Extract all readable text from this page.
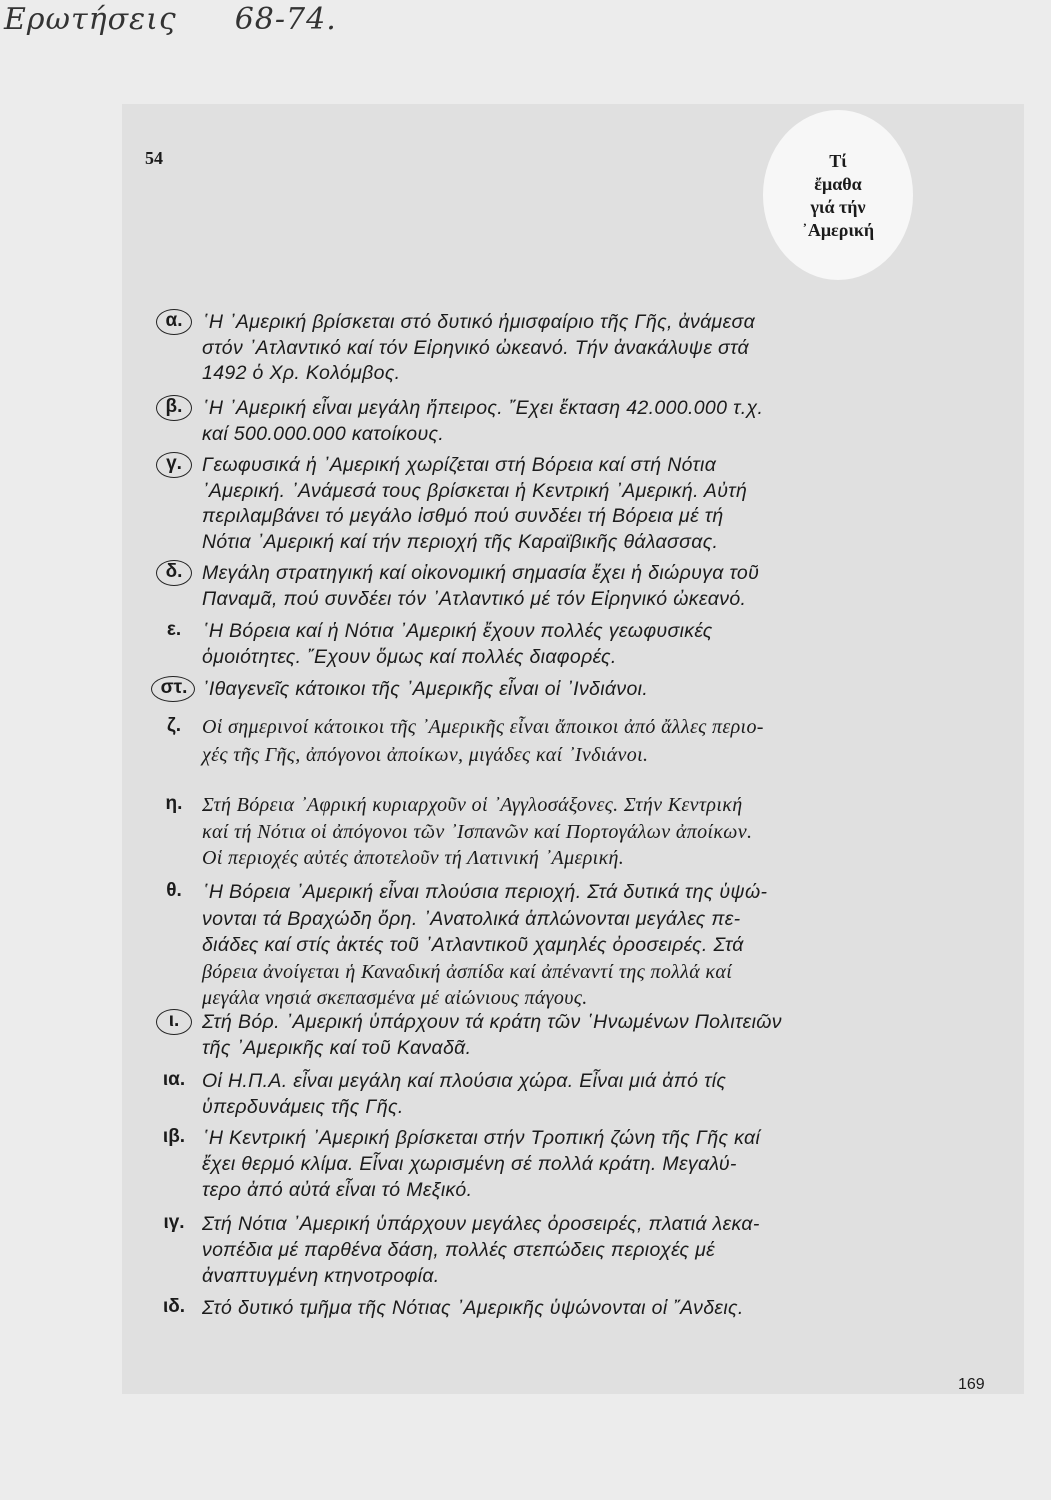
Ερωτήσεις 68-74.
54	Τί
ἔμαθα
γιά τήν
᾽Αμερική
α.	῾Η ᾽Αμερική βρίσκεται στό δυτικό ἡμισφαίριο τῆς Γῆς, ἀνάμεσα
στόν ᾽Ατλαντικό καί τόν Εἰρηνικό ὠκεανό. Τήν ἀνακάλυψε στά
1492 ὁ Χρ. Κολόμβος.
β.	῾Η ᾽Αμερική εἶναι μεγάλη ἤπειρος. ῎Εχει ἔκταση 42.000.000 τ.χ.
καί 500.000.000 κατοίκους.
γ.	Γεωφυσικά ἡ ᾽Αμερική χωρίζεται στή Βόρεια καί στή Νότια
᾽Αμερική. ᾽Ανάμεσά τους βρίσκεται ἡ Κεντρική ᾽Αμερική. Αὐτή
περιλαμβάνει τό μεγάλο ἰσθμό πού συνδέει τή Βόρεια μέ τή
Νότια ᾽Αμερική καί τήν περιοχή τῆς Καραϊβικῆς θάλασσας.
δ.	Μεγάλη στρατηγική καί οἰκονομική σημασία ἔχει ἡ διώρυγα τοῦ
Παναμᾶ, πού συνδέει τόν ᾽Ατλαντικό μέ τόν Εἰρηνικό ὠκεανό.
ε.	῾Η Βόρεια καί ἡ Νότια ᾽Αμερική ἔχουν πολλές γεωφυσικές
ὁμοιότητες. ῎Εχουν ὅμως καί πολλές διαφορές.
στ. ᾽Ιθαγενεῖς κάτοικοι τῆς ᾽Αμερικῆς εἶναι οἱ ᾽Ινδιάνοι.
ζ.	Οἱ σημερινοί κάτοικοι τῆς ᾽Αμερικῆς εἶναι ἄποικοι ἀπό ἄλλες περιο-
χές τῆς Γῆς, ἀπόγονοι ἀποίκων, μιγάδες καί ᾽Ινδιάνοι.
η. Στή Βόρεια ᾽Αφρική κυριαρχοῦν οἱ ᾽Αγγλοσάξονες. Στήν Κεντρική
καί τή Νότια οἱ ἀπόγονοι τῶν ᾽Ισπανῶν καί Πορτογάλων ἀποίκων.
Οἱ περιοχές αὐτές ἀποτελοῦν τή Λατινική ᾽Αμερική.
θ.	῾Η Βόρεια ᾽Αμερική εἶναι πλούσια περιοχή. Στά δυτικά της ὑψώ-
νονται τά Βραχώδη ὄρη. ᾽Ανατολικά ἁπλώνονται μεγάλες πε-
διάδες καί στίς ἀκτές τοῦ ᾽Ατλαντικοῦ χαμηλές ὀροσειρές. Στά
βόρεια ἀνοίγεται ἡ Καναδική ἀσπίδα καί ἀπέναντί της πολλά καί
μεγάλα νησιά σκεπασμένα μέ αἰώνιους πάγους.
ι.	Στή Βόρ. ᾽Αμερική ὑπάρχουν τά κράτη τῶν ῾Ηνωμένων Πολιτειῶν
τῆς ᾽Αμερικῆς καί τοῦ Καναδᾶ.
ια. Οἱ Η.Π.Α. εἶναι μεγάλη καί πλούσια χώρα. Εἶναι μιά ἀπό τίς
ὑπερδυνάμεις τῆς Γῆς.
ιβ. ῾Η Κεντρική ᾽Αμερική βρίσκεται στήν Τροπική ζώνη τῆς Γῆς καί
ἔχει θερμό κλίμα. Εἶναι χωρισμένη σέ πολλά κράτη. Μεγαλύ-
τερο ἀπό αὐτά εἶναι τό Μεξικό.
ιγ. Στή Νότια ᾽Αμερική ὑπάρχουν μεγάλες ὀροσειρές, πλατιά λεκα-
νοπέδια μέ παρθένα δάση, πολλές στεπώδεις περιοχές μέ
ἀναπτυγμένη κτηνοτροφία.
ιδ. Στό δυτικό τμῆμα τῆς Νότιας ᾽Αμερικῆς ὑψώνονται οἱ ῎Ανδεις.
169
